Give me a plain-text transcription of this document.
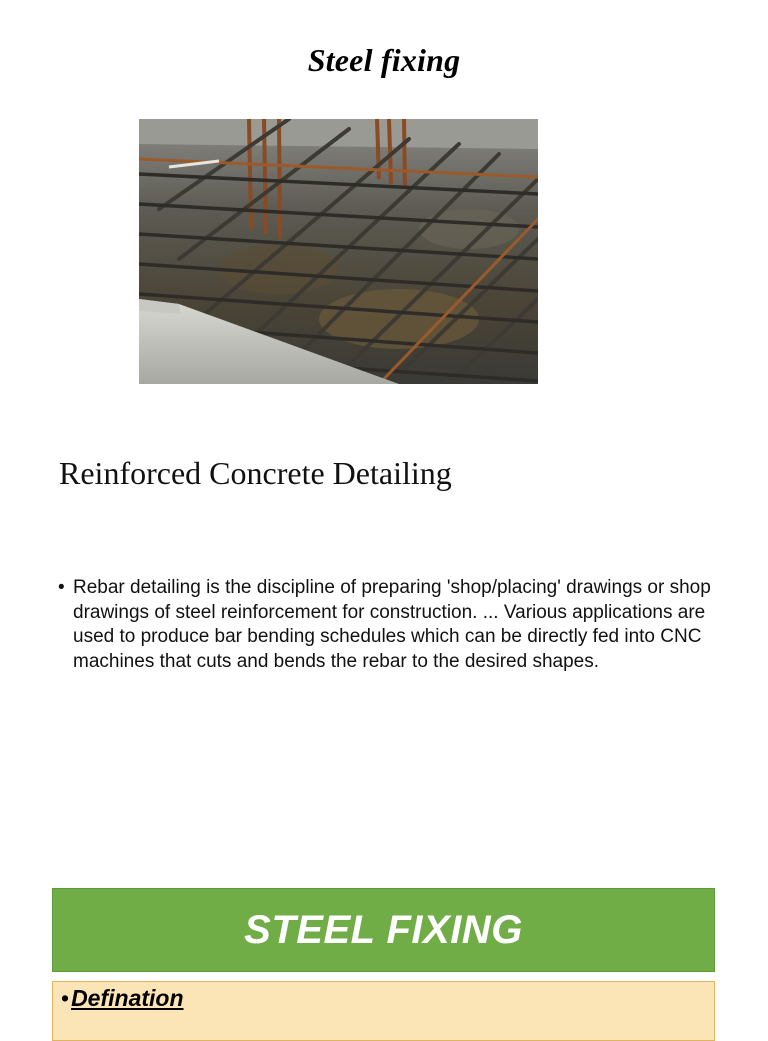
Steel fixing
Reinforced Concrete Detailing
• Rebar detailing is the discipline of preparing 'shop/placing' drawings or shop drawings of steel reinforcement for construction. ... Various applications are used to produce bar bending schedules which can be directly fed into CNC machines that cuts and bends the rebar to the desired shapes.
STEEL FIXING
•Defination
